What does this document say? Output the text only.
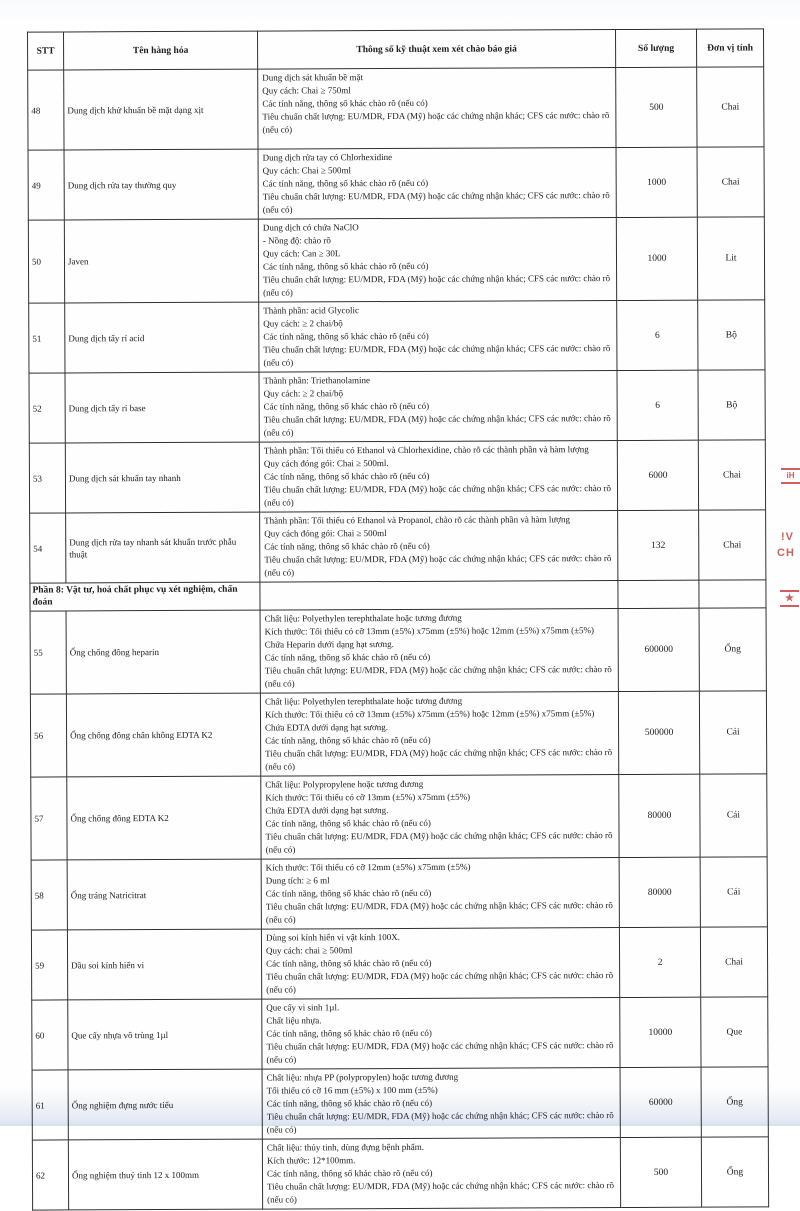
STT	Tên hàng hóa	Thông số kỹ thuật xem xét chào báo giá	Số lượng	Đơn vị tính
48	Dung dịch khử khuẩn bề mặt dạng xịt	Dung dịch sát khuẩn bề mặt
Quy cách: Chai ≥ 750ml
Các tính năng, thông số khác chào rõ (nếu có)
Tiêu chuẩn chất lượng: EU/MDR, FDA (Mỹ) hoặc các chứng nhận khác; CFS các nước: chào rõ (nếu có)	500	Chai
49	Dung dịch rửa tay thường quy	Dung dịch rửa tay có Chlorhexidine
Quy cách: Chai ≥ 500ml
Các tính năng, thông số khác chào rõ (nếu có)
Tiêu chuẩn chất lượng: EU/MDR, FDA (Mỹ) hoặc các chứng nhận khác; CFS các nước: chào rõ (nếu có)	1000	Chai
50	Javen	Dung dịch có chứa NaClO
- Nồng độ: chào rõ
Quy cách: Can ≥ 30L
Các tính năng, thông số khác chào rõ (nếu có)
Tiêu chuẩn chất lượng: EU/MDR, FDA (Mỹ) hoặc các chứng nhận khác; CFS các nước: chào rõ (nếu có)	1000	Lit
51	Dung dịch tẩy rỉ acid	Thành phần: acid Glycolic
Quy cách: ≥ 2 chai/bộ
Các tính năng, thông số khác chào rõ (nếu có)
Tiêu chuẩn chất lượng: EU/MDR, FDA (Mỹ) hoặc các chứng nhận khác; CFS các nước: chào rõ (nếu có)	6	Bộ
52	Dung dịch tẩy rỉ base	Thành phần: Triethanolamine
Quy cách: ≥ 2 chai/bộ
Các tính năng, thông số khác chào rõ (nếu có)
Tiêu chuẩn chất lượng: EU/MDR, FDA (Mỹ) hoặc các chứng nhận khác; CFS các nước: chào rõ (nếu có)	6	Bộ
53	Dung dịch sát khuẩn tay nhanh	Thành phần: Tối thiểu có Ethanol và Chlorhexidine, chào rõ các thành phần và hàm lượng
Quy cách đóng gói: Chai ≥ 500ml.
Các tính năng, thông số khác chào rõ (nếu có)
Tiêu chuẩn chất lượng: EU/MDR, FDA (Mỹ) hoặc các chứng nhận khác; CFS các nước: chào rõ (nếu có)	6000	Chai
54	Dung dịch rửa tay nhanh sát khuẩn trước phẫu thuật	Thành phần: Tối thiểu có Ethanol và Propanol, chào rõ các thành phần và hàm lượng
Quy cách đóng gói: Chai ≥ 500ml
Các tính năng, thông số khác chào rõ (nếu có)
Tiêu chuẩn chất lượng: EU/MDR, FDA (Mỹ) hoặc các chứng nhận khác; CFS các nước: chào rõ (nếu có)	132	Chai
Phần 8: Vật tư, hoá chất phục vụ xét nghiệm, chẩn đoán				
55	Ống chống đông heparin	Chất liệu: Polyethylen terephthalate hoặc tương đương
Kích thước: Tối thiểu có cỡ 13mm (±5%) x75mm (±5%) hoặc 12mm (±5%) x75mm (±5%)
Chứa Heparin dưới dạng hạt sương.
Các tính năng, thông số khác chào rõ (nếu có)
Tiêu chuẩn chất lượng: EU/MDR, FDA (Mỹ) hoặc các chứng nhận khác; CFS các nước: chào rõ (nếu có)	600000	Ống
56	Ống chống đông chân không EDTA K2	Chất liệu: Polyethylen terephthalate hoặc tương đương
Kích thước: Tối thiểu có cỡ 13mm (±5%) x75mm (±5%) hoặc 12mm (±5%) x75mm (±5%)
Chứa EDTA dưới dạng hạt sương.
Các tính năng, thông số khác chào rõ (nếu có)
Tiêu chuẩn chất lượng: EU/MDR, FDA (Mỹ) hoặc các chứng nhận khác; CFS các nước: chào rõ (nếu có)	500000	Cái
57	Ống chống đông EDTA K2	Chất liệu: Polypropylene hoặc tương đương
Kích thước: Tối thiểu có cỡ 13mm (±5%) x75mm (±5%)
Chứa EDTA dưới dạng hạt sương.
Các tính năng, thông số khác chào rõ (nếu có)
Tiêu chuẩn chất lượng: EU/MDR, FDA (Mỹ) hoặc các chứng nhận khác; CFS các nước: chào rõ (nếu có)	80000	Cái
58	Ống tráng Natricitrat	Kích thước: Tối thiểu có cỡ 12mm (±5%) x75mm (±5%)
Dung tích: ≥ 6 ml
Các tính năng, thông số khác chào rõ (nếu có)
Tiêu chuẩn chất lượng: EU/MDR, FDA (Mỹ) hoặc các chứng nhận khác; CFS các nước: chào rõ (nếu có)	80000	Cái
59	Dầu soi kính hiển vi	Dùng soi kính hiển vi vật kính 100X.
Quy cách: chai ≥ 500ml
Các tính năng, thông số khác chào rõ (nếu có)
Tiêu chuẩn chất lượng: EU/MDR, FDA (Mỹ) hoặc các chứng nhận khác; CFS các nước: chào rõ (nếu có)	2	Chai
60	Que cấy nhựa vô trùng 1µl	Que cấy vi sinh 1µl.
Chất liệu nhựa.
Các tính năng, thông số khác chào rõ (nếu có)
Tiêu chuẩn chất lượng: EU/MDR, FDA (Mỹ) hoặc các chứng nhận khác; CFS các nước: chào rõ (nếu có)	10000	Que
61	Ống nghiệm đựng nước tiểu	Chất liệu: nhựa PP (polypropylen) hoặc tương đương
Tối thiểu có cỡ 16 mm (±5%) x 100 mm (±5%)
Các tính năng, thông số khác chào rõ (nếu có)
Tiêu chuẩn chất lượng: EU/MDR, FDA (Mỹ) hoặc các chứng nhận khác; CFS các nước: chào rõ (nếu có)	60000	Ống
62	Ống nghiệm thuỷ tinh 12 x 100mm	Chất liệu: thủy tinh, dùng đựng bệnh phẩm.
Kích thước: 12*100mm.
Các tính năng, thông số khác chào rõ (nếu có)
Tiêu chuẩn chất lượng: EU/MDR, FDA (Mỹ) hoặc các chứng nhận khác; CFS các nước: chào rõ (nếu có)	500	Ống
iH
!V
CH
★
